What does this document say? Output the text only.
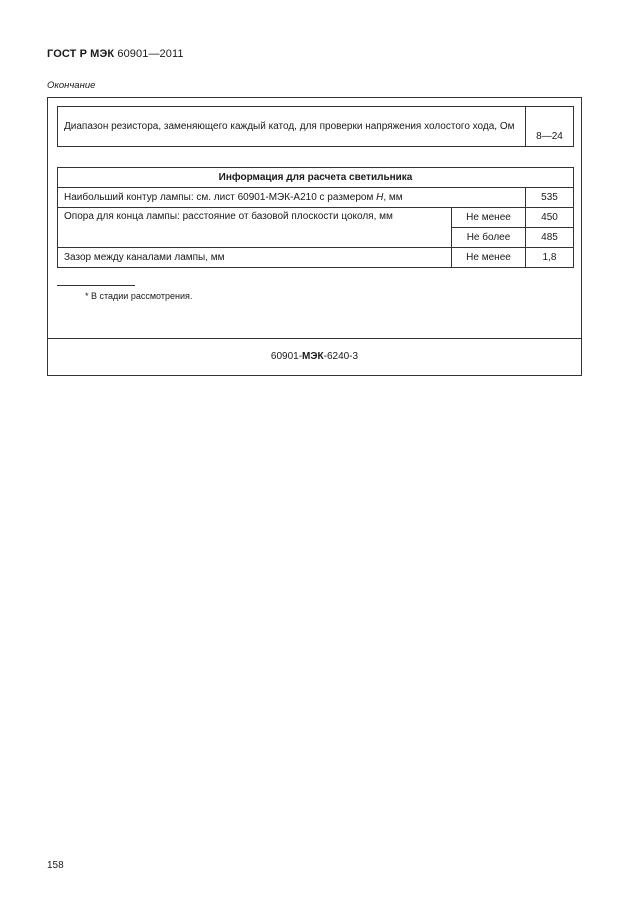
ГОСТ Р МЭК 60901—2011
Окончание
Диапазон резистора, заменяющего каждый катод, для проверки напряжения холостого хода, Ом	8—24
Информация для расчета светильника		
Наибольший контур лампы: см. лист 60901-МЭК-А210 с размером H, мм		535
Опора для конца лампы: расстояние от базовой плоскости цоколя, мм	Не менее	450
	Не более	485
Зазор между каналами лампы, мм	Не менее	1,8
* В стадии рассмотрения.
60901-МЭК-6240-3
158
